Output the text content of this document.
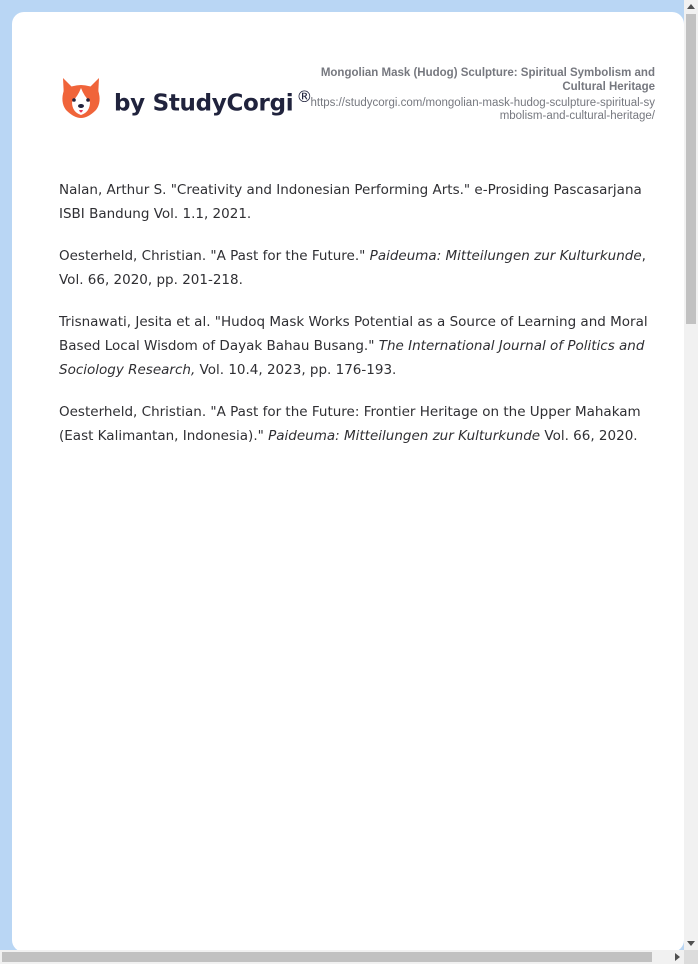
by StudyCorgi ®
Mongolian Mask (Hudog) Sculpture: Spiritual Symbolism and Cultural Heritage
https://studycorgi.com/mongolian-mask-hudog-sculpture-spiritual-symbolism-and-cultural-heritage/

Nalan, Arthur S. "Creativity and Indonesian Performing Arts." e-Prosiding Pascasarjana ISBI Bandung Vol. 1.1, 2021.

Oesterheld, Christian. "A Past for the Future." Paideuma: Mitteilungen zur Kulturkunde, Vol. 66, 2020, pp. 201-218.

Trisnawati, Jesita et al. "Hudoq Mask Works Potential as a Source of Learning and Moral Based Local Wisdom of Dayak Bahau Busang." The International Journal of Politics and Sociology Research, Vol. 10.4, 2023, pp. 176-193.

Oesterheld, Christian. "A Past for the Future: Frontier Heritage on the Upper Mahakam (East Kalimantan, Indonesia)." Paideuma: Mitteilungen zur Kulturkunde Vol. 66, 2020.
